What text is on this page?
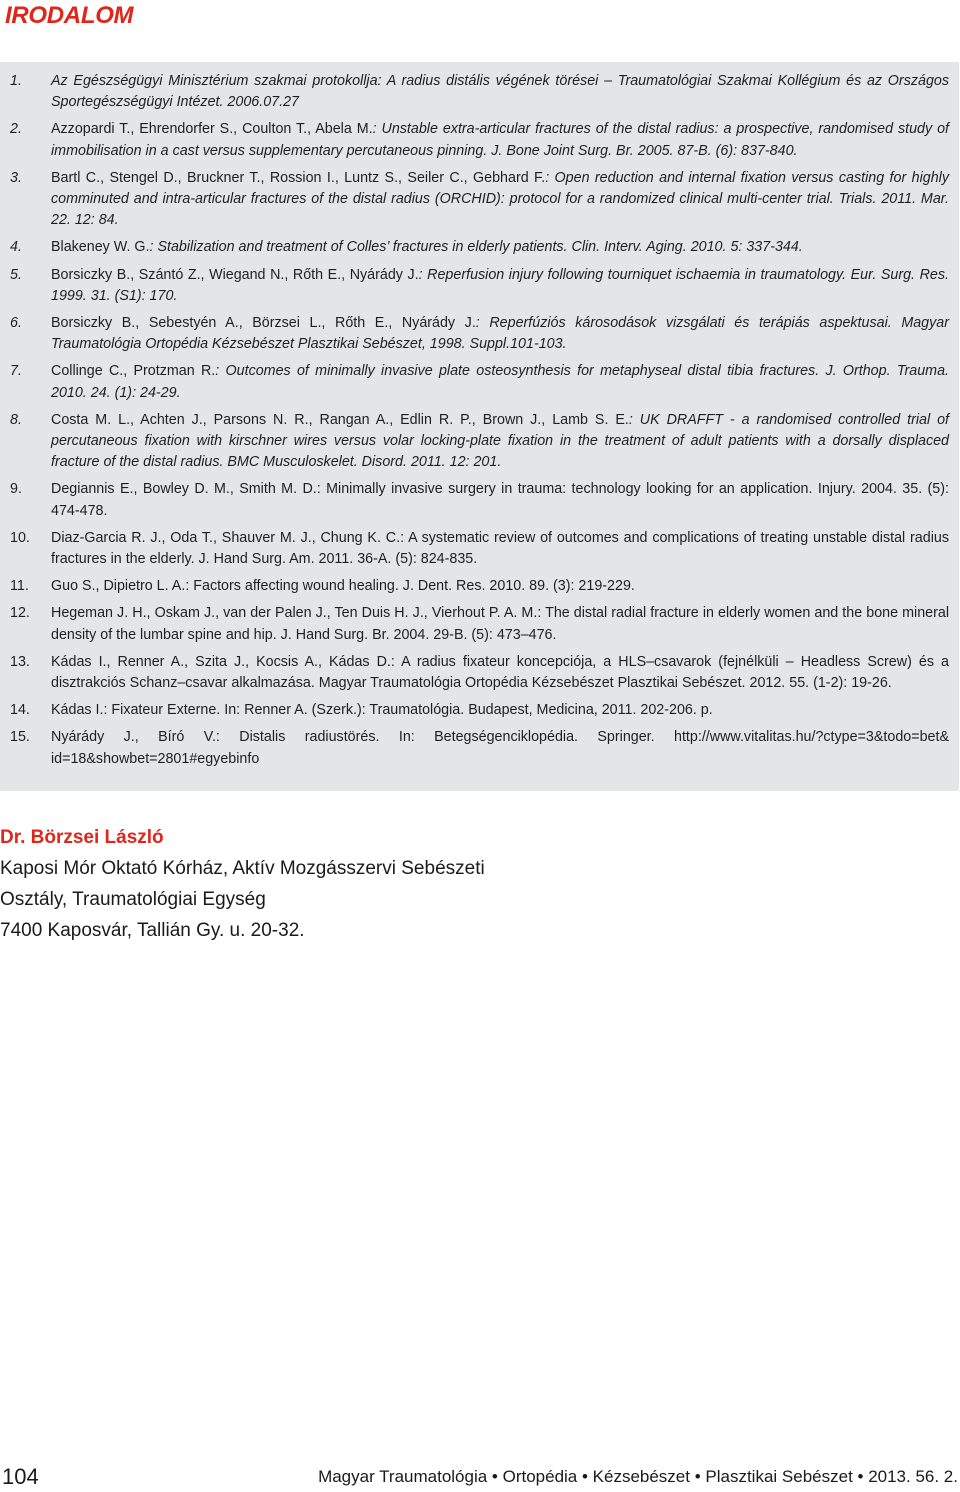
IRODALOM
1. Az Egészségügyi Minisztérium szakmai protokollja: A radius distális végének törései – Traumatológiai Szakmai Kollégium és az Országos Sportegészségügyi Intézet. 2006.07.27
2. Azzopardi T., Ehrendorfer S., Coulton T., Abela M.: Unstable extra-articular fractures of the distal radius: a prospective, randomised study of immobilisation in a cast versus supplementary percutaneous pinning. J. Bone Joint Surg. Br. 2005. 87-B. (6): 837-840.
3. Bartl C., Stengel D., Bruckner T., Rossion I., Luntz S., Seiler C., Gebhard F.: Open reduction and internal fixation versus casting for highly comminuted and intra-articular fractures of the distal radius (ORCHID): protocol for a randomized clinical multi-center trial. Trials. 2011. Mar. 22. 12: 84.
4. Blakeney W. G.: Stabilization and treatment of Colles’ fractures in elderly patients. Clin. Interv. Aging. 2010. 5: 337-344.
5. Borsiczky B., Szántó Z., Wiegand N., Rőth E., Nyárády J.: Reperfusion injury following tourniquet ischaemia in traumatology. Eur. Surg. Res. 1999. 31. (S1): 170.
6. Borsiczky B., Sebestyén A., Börzsei L., Rőth E., Nyárády J.: Reperfúziós károsodások vizsgálati és terápiás aspektusai. Magyar Traumatológia Ortopédia Kézsebészet Plasztikai Sebészet, 1998. Suppl.101-103.
7. Collinge C., Protzman R.: Outcomes of minimally invasive plate osteosynthesis for metaphyseal distal tibia fractures. J. Orthop. Trauma. 2010. 24. (1): 24-29.
8. Costa M. L., Achten J., Parsons N. R., Rangan A., Edlin R. P., Brown J., Lamb S. E.: UK DRAFFT - a randomised controlled trial of percutaneous fixation with kirschner wires versus volar locking-plate fixation in the treatment of adult patients with a dorsally displaced fracture of the distal radius. BMC Musculoskelet. Disord. 2011. 12: 201.
9. Degiannis E., Bowley D. M., Smith M. D.: Minimally invasive surgery in trauma: technology looking for an application. Injury. 2004. 35. (5): 474-478.
10. Diaz-Garcia R. J., Oda T., Shauver M. J., Chung K. C.: A systematic review of outcomes and complications of treating unstable distal radius fractures in the elderly. J. Hand Surg. Am. 2011. 36-A. (5): 824-835.
11. Guo S., Dipietro L. A.: Factors affecting wound healing. J. Dent. Res. 2010. 89. (3): 219-229.
12. Hegeman J. H., Oskam J., van der Palen J., Ten Duis H. J., Vierhout P. A. M.: The distal radial fracture in elderly women and the bone mineral density of the lumbar spine and hip. J. Hand Surg. Br. 2004. 29-B. (5): 473–476.
13. Kádas I., Renner A., Szita J., Kocsis A., Kádas D.: A radius fixateur koncepciója, a HLS–csavarok (fejnélküli – Headless Screw) és a disztrakciós Schanz–csavar alkalmazása. Magyar Traumatológia Ortopédia Kézsebészet Plasztikai Sebészet. 2012. 55. (1-2): 19-26.
14. Kádas I.: Fixateur Externe. In: Renner A. (Szerk.): Traumatológia. Budapest, Medicina, 2011. 202-206. p.
15. Nyárády J., Bíró V.: Distalis radiustörés. In: Betegségenciklopédia. Springer. http://www.vitalitas.hu/?ctype=3&todo=bet& id=18&showbet=2801#egyebinfo
Dr. Börzsei László
Kaposi Mór Oktató Kórház, Aktív Mozgásszervi Sebészeti
Osztály, Traumatológiai Egység
7400 Kaposvár, Tallián Gy. u. 20-32.
104	Magyar Traumatológia • Ortopédia • Kézsebészet • Plasztikai Sebészet • 2013. 56. 2.
